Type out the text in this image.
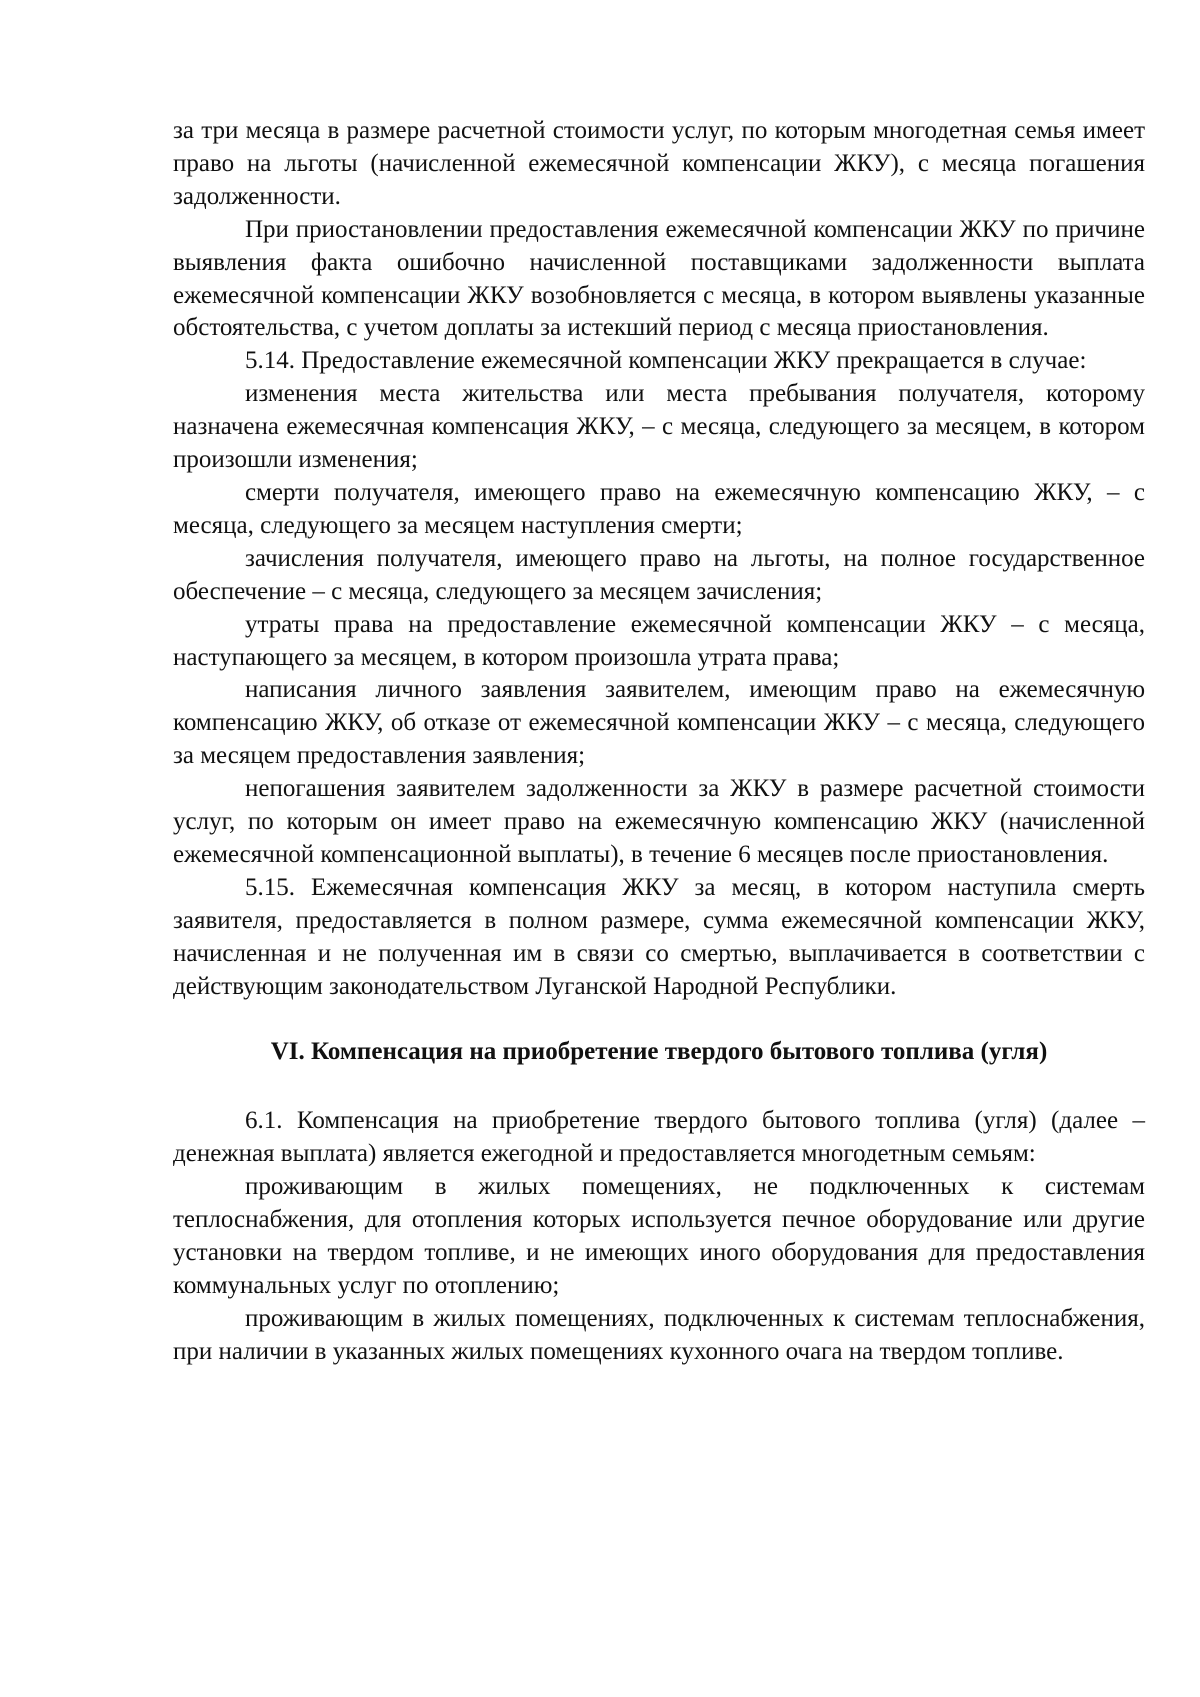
за три месяца в размере расчетной стоимости услуг, по которым многодетная семья имеет право на льготы (начисленной ежемесячной компенсации ЖКУ), с месяца погашения задолженности.

При приостановлении предоставления ежемесячной компенсации ЖКУ по причине выявления факта ошибочно начисленной поставщиками задолженности выплата ежемесячной компенсации ЖКУ возобновляется с месяца, в котором выявлены указанные обстоятельства, с учетом доплаты за истекший период с месяца приостановления.

5.14. Предоставление ежемесячной компенсации ЖКУ прекращается в случае:

изменения места жительства или места пребывания получателя, которому назначена ежемесячная компенсация ЖКУ, – с месяца, следующего за месяцем, в котором произошли изменения;

смерти получателя, имеющего право на ежемесячную компенсацию ЖКУ, – с месяца, следующего за месяцем наступления смерти;

зачисления получателя, имеющего право на льготы, на полное государственное обеспечение – с месяца, следующего за месяцем зачисления;

утраты права на предоставление ежемесячной компенсации ЖКУ – с месяца, наступающего за месяцем, в котором произошла утрата права;

написания личного заявления заявителем, имеющим право на ежемесячную компенсацию ЖКУ, об отказе от ежемесячной компенсации ЖКУ – с месяца, следующего за месяцем предоставления заявления;

непогашения заявителем задолженности за ЖКУ в размере расчетной стоимости услуг, по которым он имеет право на ежемесячную компенсацию ЖКУ (начисленной ежемесячной компенсационной выплаты), в течение 6 месяцев после приостановления.

5.15. Ежемесячная компенсация ЖКУ за месяц, в котором наступила смерть заявителя, предоставляется в полном размере, сумма ежемесячной компенсации ЖКУ, начисленная и не полученная им в связи со смертью, выплачивается в соответствии с действующим законодательством Луганской Народной Республики.

VI. Компенсация на приобретение твердого бытового топлива (угля)

6.1. Компенсация на приобретение твердого бытового топлива (угля) (далее – денежная выплата) является ежегодной и предоставляется многодетным семьям:

проживающим в жилых помещениях, не подключенных к системам теплоснабжения, для отопления которых используется печное оборудование или другие установки на твердом топливе, и не имеющих иного оборудования для предоставления коммунальных услуг по отоплению;

проживающим в жилых помещениях, подключенных к системам теплоснабжения, при наличии в указанных жилых помещениях кухонного очага на твердом топливе.
